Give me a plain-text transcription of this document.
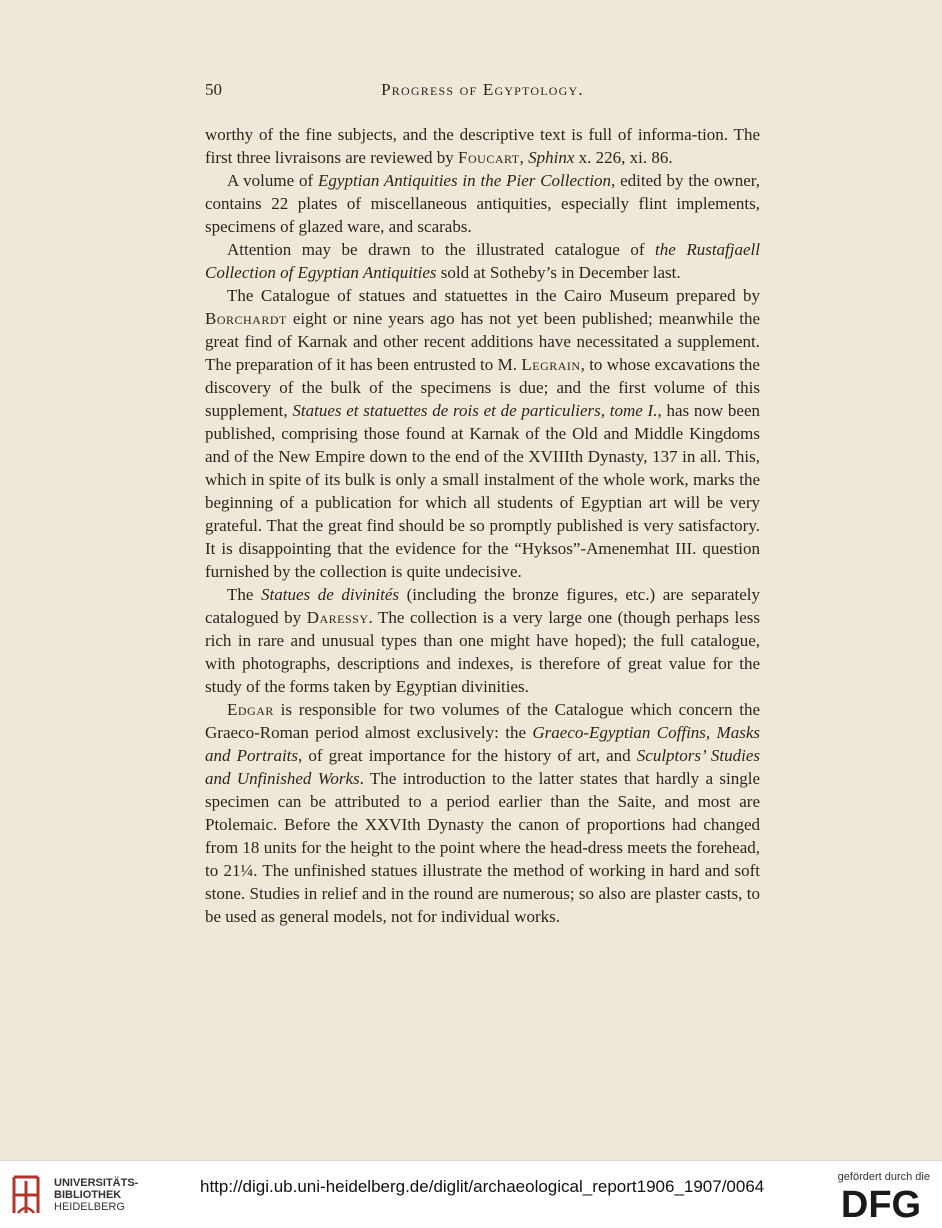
50	Progress of Egyptology.

worthy of the fine subjects, and the descriptive text is full of informa-tion. The first three livraisons are reviewed by Foucart, Sphinx x. 226, xi. 86.

A volume of Egyptian Antiquities in the Pier Collection, edited by the owner, contains 22 plates of miscellaneous antiquities, especially flint implements, specimens of glazed ware, and scarabs.

Attention may be drawn to the illustrated catalogue of the Rustafjaell Collection of Egyptian Antiquities sold at Sotheby’s in December last.

The Catalogue of statues and statuettes in the Cairo Museum prepared by Borchardt eight or nine years ago has not yet been published; meanwhile the great find of Karnak and other recent additions have necessitated a supplement. The preparation of it has been entrusted to M. Legrain, to whose excavations the discovery of the bulk of the specimens is due; and the first volume of this supplement, Statues et statuettes de rois et de particuliers, tome I., has now been published, comprising those found at Karnak of the Old and Middle Kingdoms and of the New Empire down to the end of the XVIIIth Dynasty, 137 in all. This, which in spite of its bulk is only a small instalment of the whole work, marks the beginning of a publication for which all students of Egyptian art will be very grateful. That the great find should be so promptly published is very satisfactory. It is disappointing that the evidence for the “Hyksos”-Amenemhat III. question furnished by the collection is quite undecisive.

The Statues de divinités (including the bronze figures, etc.) are separately catalogued by Daressy. The collection is a very large one (though perhaps less rich in rare and unusual types than one might have hoped); the full catalogue, with photographs, descriptions and indexes, is therefore of great value for the study of the forms taken by Egyptian divinities.

Edgar is responsible for two volumes of the Catalogue which concern the Graeco-Roman period almost exclusively: the Graeco-Egyptian Coffins, Masks and Portraits, of great importance for the history of art, and Sculptors’ Studies and Unfinished Works. The introduction to the latter states that hardly a single specimen can be attributed to a period earlier than the Saite, and most are Ptolemaic. Before the XXVIth Dynasty the canon of proportions had changed from 18 units for the height to the point where the head-dress meets the forehead, to 21¼. The unfinished statues illustrate the method of working in hard and soft stone. Studies in relief and in the round are numerous; so also are plaster casts, to be used as general models, not for individual works.

UNIVERSITÄTS-
BIBLIOTHEK
HEIDELBERG
http://digi.ub.uni-heidelberg.de/diglit/archaeological_report1906_1907/0064	gefördert durch die
DFG
